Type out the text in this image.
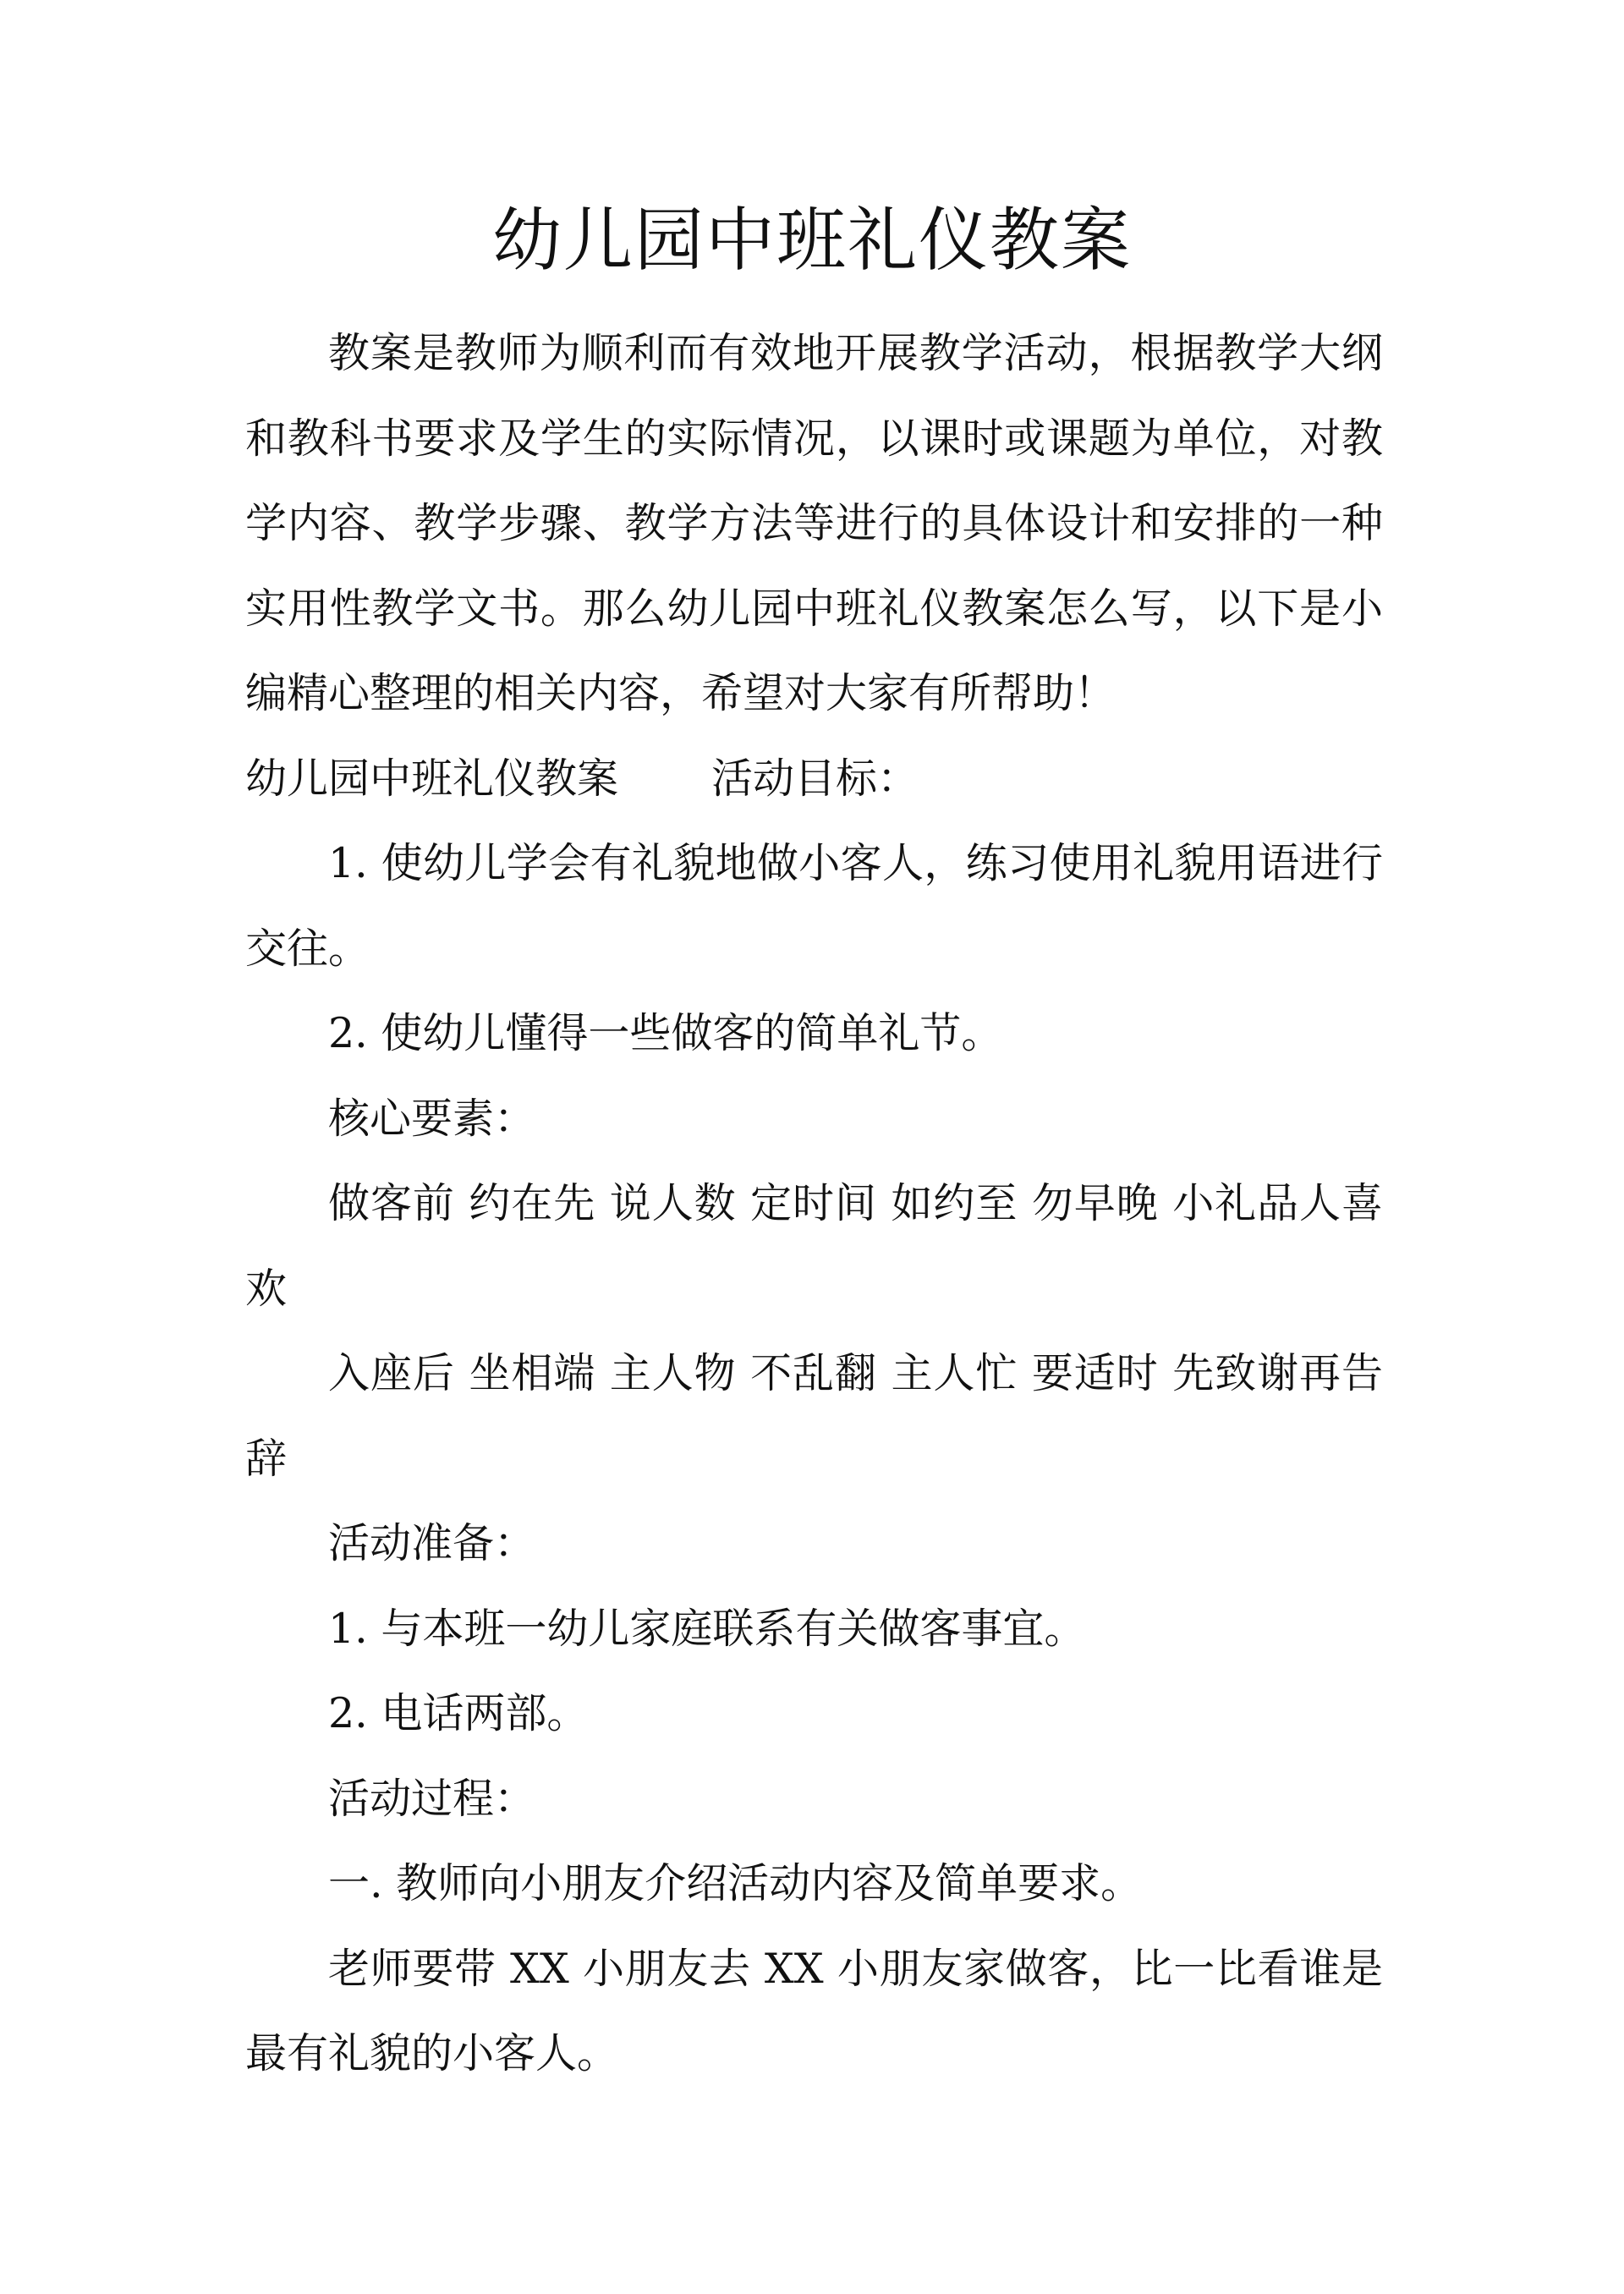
幼儿园中班礼仪教案

教案是教师为顺利而有效地开展教学活动，根据教学大纲和教科书要求及学生的实际情况，以课时或课题为单位，对教学内容、教学步骤、教学方法等进行的具体设计和安排的一种实用性教学文书。那么幼儿园中班礼仪教案怎么写，以下是小编精心整理的相关内容，希望对大家有所帮助！

幼儿园中班礼仪教案 活动目标：

1. 使幼儿学会有礼貌地做小客人，练习使用礼貌用语进行交往。

2. 使幼儿懂得一些做客的简单礼节。

核心要素：

做客前 约在先 说人数 定时间 如约至 勿早晚 小礼品人喜欢

入座后 坐相端 主人物 不乱翻 主人忙 要适时 先致谢再告辞

活动准备：

1. 与本班一幼儿家庭联系有关做客事宜。

2. 电话两部。

活动过程：

一. 教师向小朋友介绍活动内容及简单要求。

老师要带 XX 小朋友去 XX 小朋友家做客，比一比看谁是最有礼貌的小客人。
